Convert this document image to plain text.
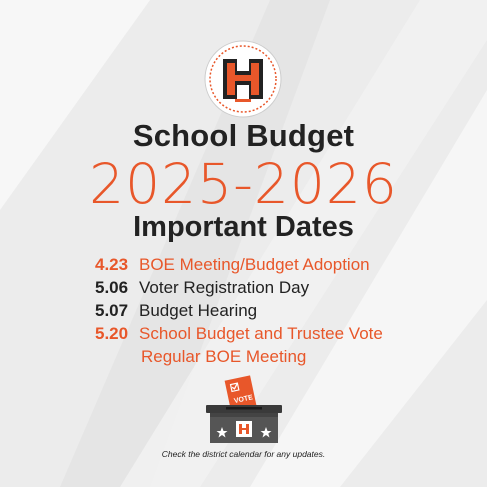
School Budget
2025-2026
Important Dates
4.23 BOE Meeting/Budget Adoption
5.06 Voter Registration Day
5.07 Budget Hearing
5.20 School Budget and Trustee Vote
Regular BOE Meeting
VOTE
Check the district calendar for any updates.
